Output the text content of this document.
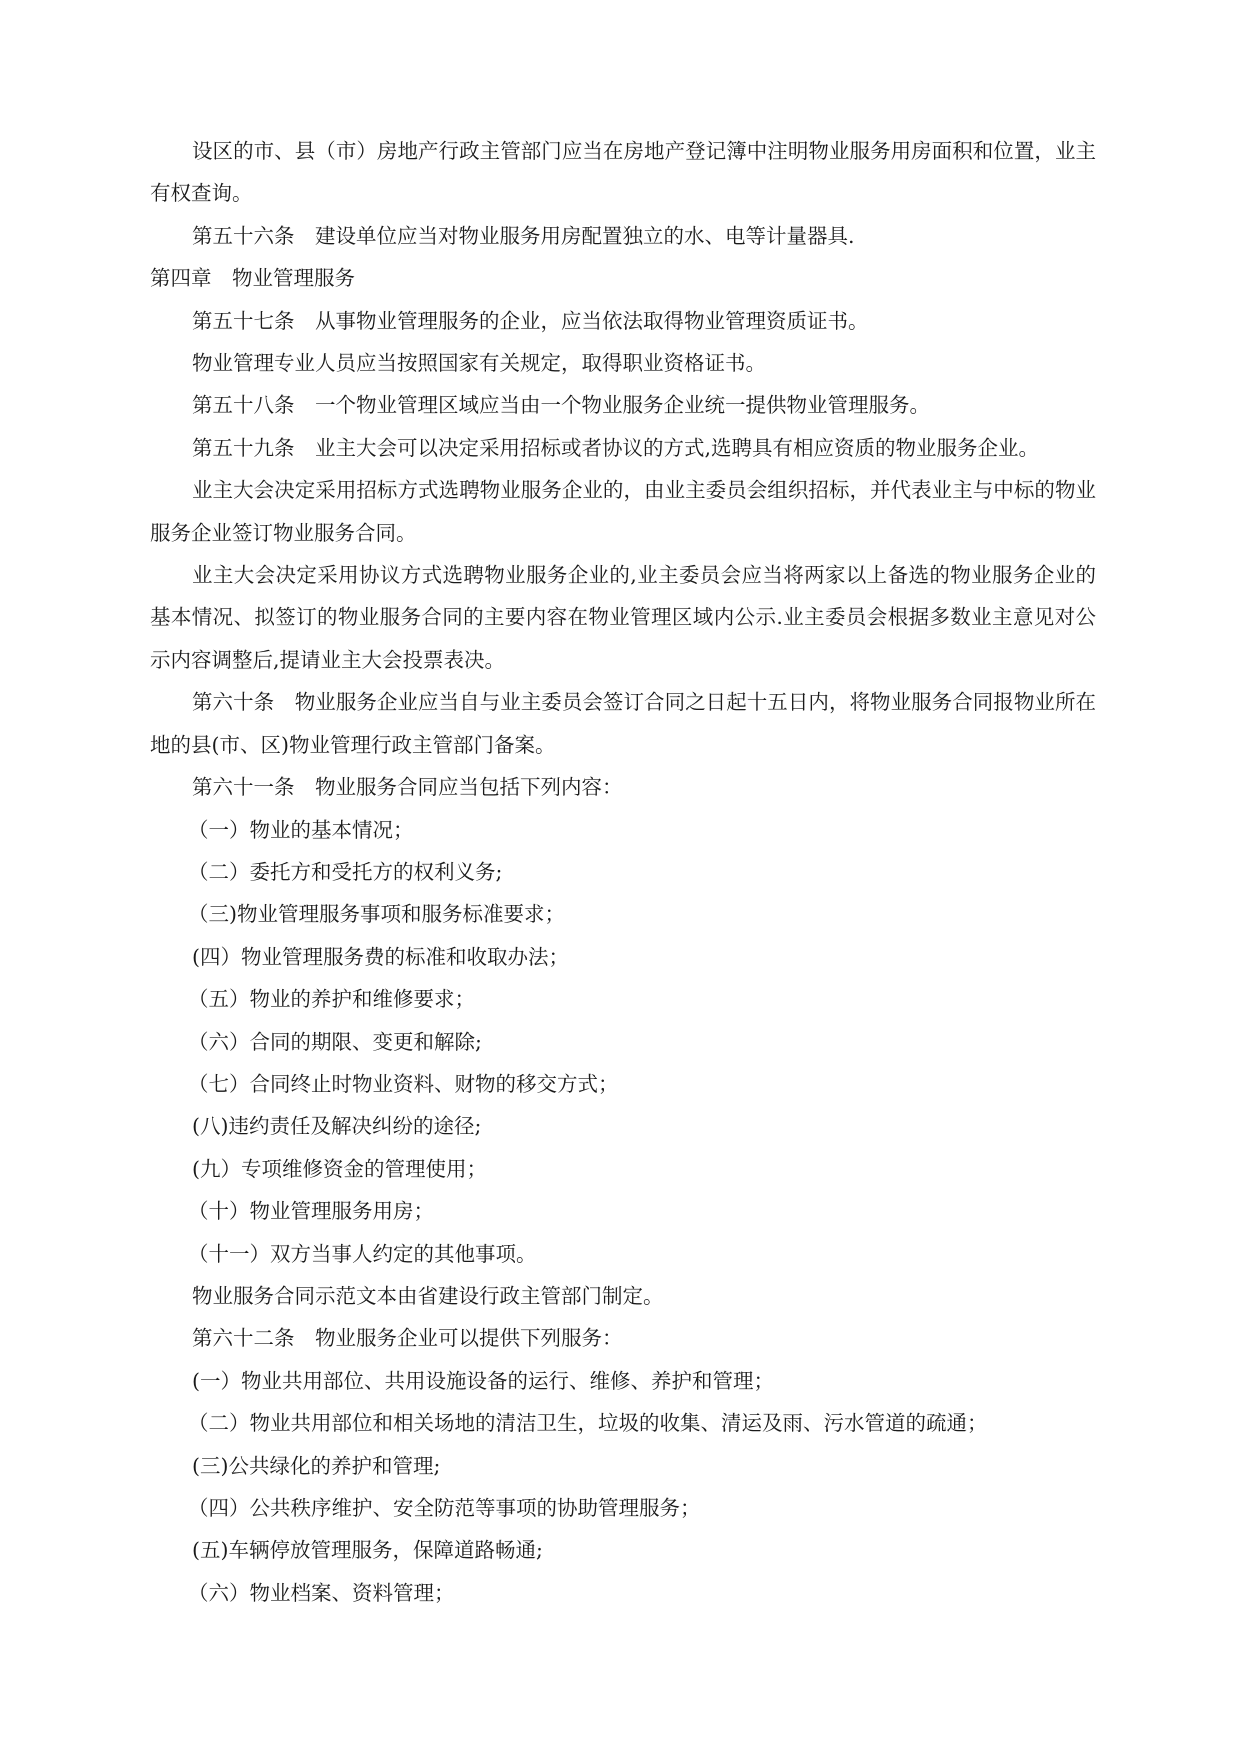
设区的市、县（市）房地产行政主管部门应当在房地产登记簿中注明物业服务用房面积和位置，业主有权查询。

第五十六条　建设单位应当对物业服务用房配置独立的水、电等计量器具.

第四章　物业管理服务

第五十七条　从事物业管理服务的企业，应当依法取得物业管理资质证书。

物业管理专业人员应当按照国家有关规定，取得职业资格证书。

第五十八条　一个物业管理区域应当由一个物业服务企业统一提供物业管理服务。

第五十九条　业主大会可以决定采用招标或者协议的方式,选聘具有相应资质的物业服务企业。

业主大会决定采用招标方式选聘物业服务企业的，由业主委员会组织招标，并代表业主与中标的物业服务企业签订物业服务合同。

业主大会决定采用协议方式选聘物业服务企业的,业主委员会应当将两家以上备选的物业服务企业的基本情况、拟签订的物业服务合同的主要内容在物业管理区域内公示.业主委员会根据多数业主意见对公示内容调整后,提请业主大会投票表决。

第六十条　物业服务企业应当自与业主委员会签订合同之日起十五日内，将物业服务合同报物业所在地的县(市、区)物业管理行政主管部门备案。

第六十一条　物业服务合同应当包括下列内容：

（一）物业的基本情况；

（二）委托方和受托方的权利义务;

（三)物业管理服务事项和服务标准要求；

(四）物业管理服务费的标准和收取办法；

（五）物业的养护和维修要求；

（六）合同的期限、变更和解除;

（七）合同终止时物业资料、财物的移交方式；

(八)违约责任及解决纠纷的途径;

(九）专项维修资金的管理使用；

（十）物业管理服务用房；

（十一）双方当事人约定的其他事项。

物业服务合同示范文本由省建设行政主管部门制定。

第六十二条　物业服务企业可以提供下列服务：

(一）物业共用部位、共用设施设备的运行、维修、养护和管理；

（二）物业共用部位和相关场地的清洁卫生，垃圾的收集、清运及雨、污水管道的疏通；

(三)公共绿化的养护和管理;

（四）公共秩序维护、安全防范等事项的协助管理服务；

(五)车辆停放管理服务，保障道路畅通;

（六）物业档案、资料管理；
